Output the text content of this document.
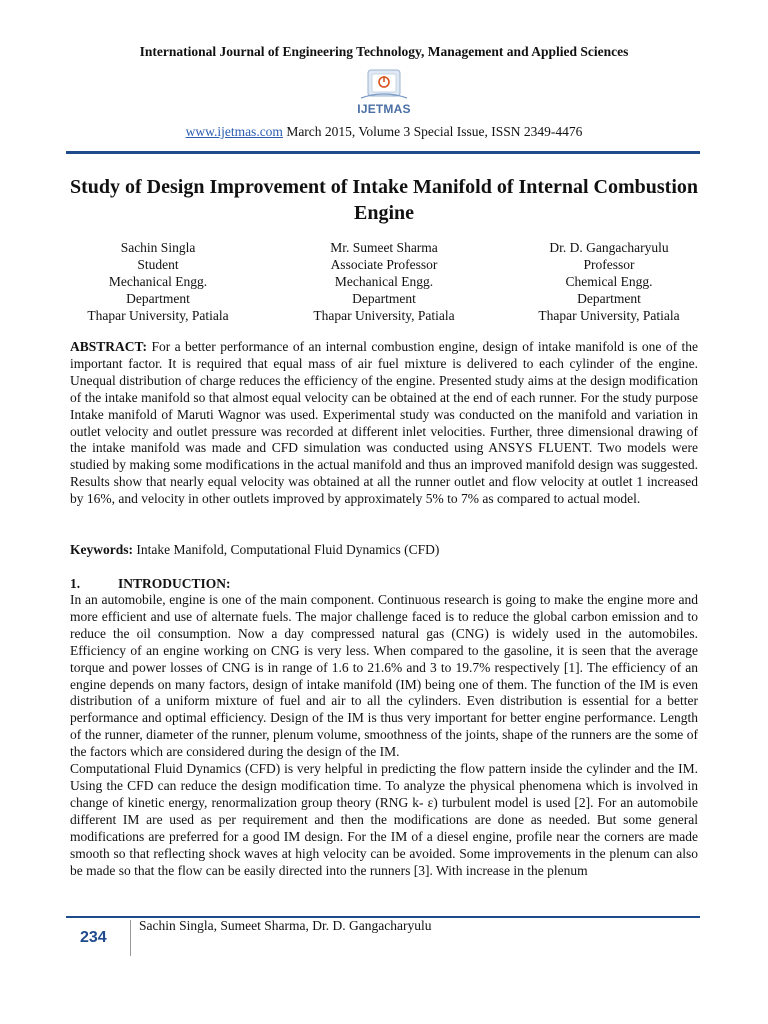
International Journal of Engineering Technology, Management and Applied Sciences
IJETMAS
www.ijetmas.com March 2015, Volume 3 Special Issue, ISSN 2349-4476
Study of Design Improvement of Intake Manifold of Internal Combustion Engine
Sachin Singla
Student
Mechanical Engg.
Department
Thapar University, Patiala
Mr. Sumeet Sharma
Associate Professor
Mechanical Engg.
Department
Thapar University, Patiala
Dr. D. Gangacharyulu
Professor
Chemical Engg.
Department
Thapar University, Patiala

ABSTRACT: For a better performance of an internal combustion engine, design of intake manifold is one of the important factor. It is required that equal mass of air fuel mixture is delivered to each cylinder of the engine. Unequal distribution of charge reduces the efficiency of the engine. Presented study aims at the design modification of the intake manifold so that almost equal velocity can be obtained at the end of each runner. For the study purpose Intake manifold of Maruti Wagnor was used. Experimental study was conducted on the manifold and variation in outlet velocity and outlet pressure was recorded at different inlet velocities. Further, three dimensional drawing of the intake manifold was made and CFD simulation was conducted using ANSYS FLUENT. Two models were studied by making some modifications in the actual manifold and thus an improved manifold design was suggested. Results show that nearly equal velocity was obtained at all the runner outlet and flow velocity at outlet 1 increased by 16%, and velocity in other outlets improved by approximately 5% to 7% as compared to actual model.

Keywords: Intake Manifold, Computational Fluid Dynamics (CFD)

1.	INTRODUCTION:

In an automobile, engine is one of the main component. Continuous research is going to make the engine more and more efficient and use of alternate fuels. The major challenge faced is to reduce the global carbon emission and to reduce the oil consumption. Now a day compressed natural gas (CNG) is widely used in the automobiles. Efficiency of an engine working on CNG is very less. When compared to the gasoline, it is seen that the average torque and power losses of CNG is in range of 1.6 to 21.6% and 3 to 19.7% respectively [1]. The efficiency of an engine depends on many factors, design of intake manifold (IM) being one of them. The function of the IM is even distribution of a uniform mixture of fuel and air to all the cylinders. Even distribution is essential for a better performance and optimal efficiency. Design of the IM is thus very important for better engine performance. Length of the runner, diameter of the runner, plenum volume, smoothness of the joints, shape of the runners are the some of the factors which are considered during the design of the IM.

Computational Fluid Dynamics (CFD) is very helpful in predicting the flow pattern inside the cylinder and the IM. Using the CFD can reduce the design modification time. To analyze the physical phenomena which is involved in change of kinetic energy, renormalization group theory (RNG k- ε) turbulent model is used [2]. For an automobile different IM are used as per requirement and then the modifications are done as needed. But some general modifications are preferred for a good IM design. For the IM of a diesel engine, profile near the corners are made smooth so that reflecting shock waves at high velocity can be avoided. Some improvements in the plenum can also be made so that the flow can be easily directed into the runners [3]. With increase in the plenum

234
Sachin Singla, Sumeet Sharma, Dr. D. Gangacharyulu
